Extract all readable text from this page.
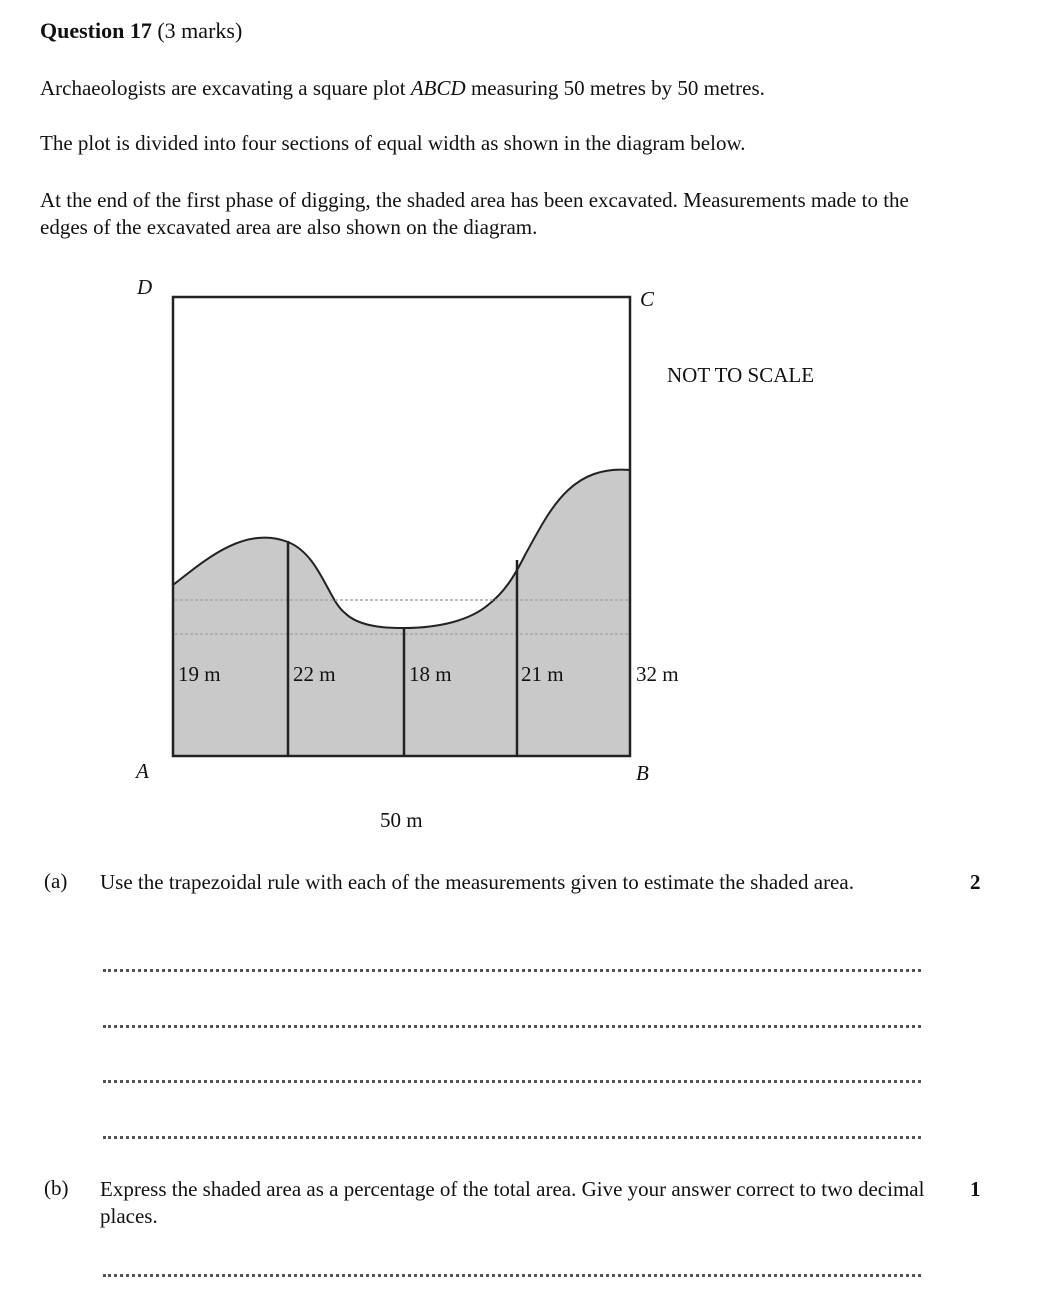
Question 17 (3 marks)
Archaeologists are excavating a square plot ABCD measuring 50 metres by 50 metres.
The plot is divided into four sections of equal width as shown in the diagram below.
At the end of the first phase of digging, the shaded area has been excavated. Measurements made to the edges of the excavated area are also shown on the diagram.
19 m	22 m	18 m	21 m	32 m
D	C
A	B
NOT TO SCALE
50 m
(a) Use the trapezoidal rule with each of the measurements given to estimate the shaded area.	2
(b) Express the shaded area as a percentage of the total area. Give your answer correct to two decimal places.
1
